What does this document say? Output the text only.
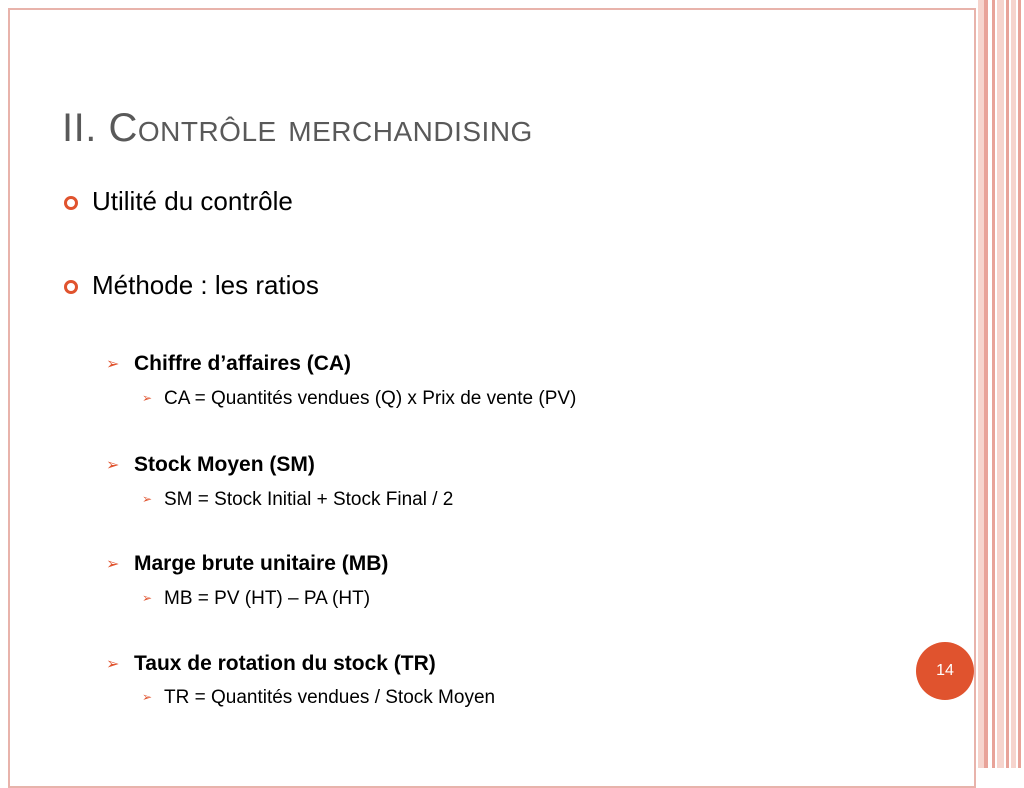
II. Contrôle merchandising
Utilité du contrôle
Méthode : les ratios
➢ Chiffre d’affaires (CA)
➢ CA = Quantités vendues (Q) x Prix de vente (PV)
➢ Stock Moyen (SM)
➢ SM = Stock Initial + Stock Final / 2
➢ Marge brute unitaire (MB)
➢ MB = PV (HT) – PA (HT)
➢ Taux de rotation du stock (TR)
➢ TR = Quantités vendues / Stock Moyen
14
